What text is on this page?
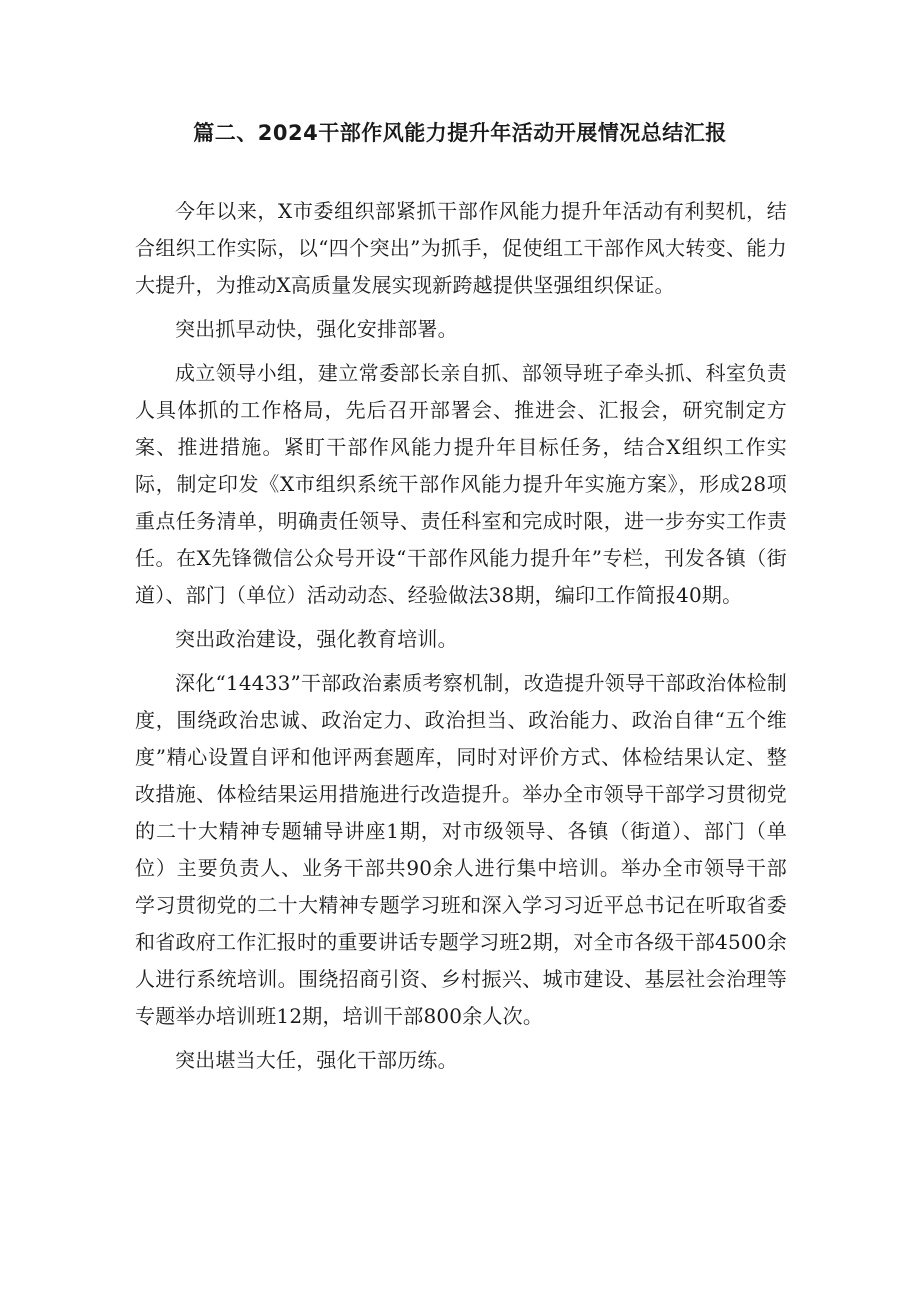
篇二、2024干部作风能力提升年活动开展情况总结汇报

今年以来，X市委组织部紧抓干部作风能力提升年活动有利契机，结合组织工作实际，以“四个突出”为抓手，促使组工干部作风大转变、能力大提升，为推动X高质量发展实现新跨越提供坚强组织保证。

突出抓早动快，强化安排部署。

成立领导小组，建立常委部长亲自抓、部领导班子牵头抓、科室负责人具体抓的工作格局，先后召开部署会、推进会、汇报会，研究制定方案、推进措施。紧盯干部作风能力提升年目标任务，结合X组织工作实际，制定印发《X市组织系统干部作风能力提升年实施方案》，形成28项重点任务清单，明确责任领导、责任科室和完成时限，进一步夯实工作责任。在X先锋微信公众号开设“干部作风能力提升年”专栏，刊发各镇（街道）、部门（单位）活动动态、经验做法38期，编印工作简报40期。

突出政治建设，强化教育培训。

深化“14433”干部政治素质考察机制，改造提升领导干部政治体检制度，围绕政治忠诚、政治定力、政治担当、政治能力、政治自律“五个维度”精心设置自评和他评两套题库，同时对评价方式、体检结果认定、整改措施、体检结果运用措施进行改造提升。举办全市领导干部学习贯彻党的二十大精神专题辅导讲座1期，对市级领导、各镇（街道）、部门（单位）主要负责人、业务干部共90余人进行集中培训。举办全市领导干部学习贯彻党的二十大精神专题学习班和深入学习习近平总书记在听取省委和省政府工作汇报时的重要讲话专题学习班2期，对全市各级干部4500余人进行系统培训。围绕招商引资、乡村振兴、城市建设、基层社会治理等专题举办培训班12期，培训干部800余人次。

突出堪当大任，强化干部历练。
